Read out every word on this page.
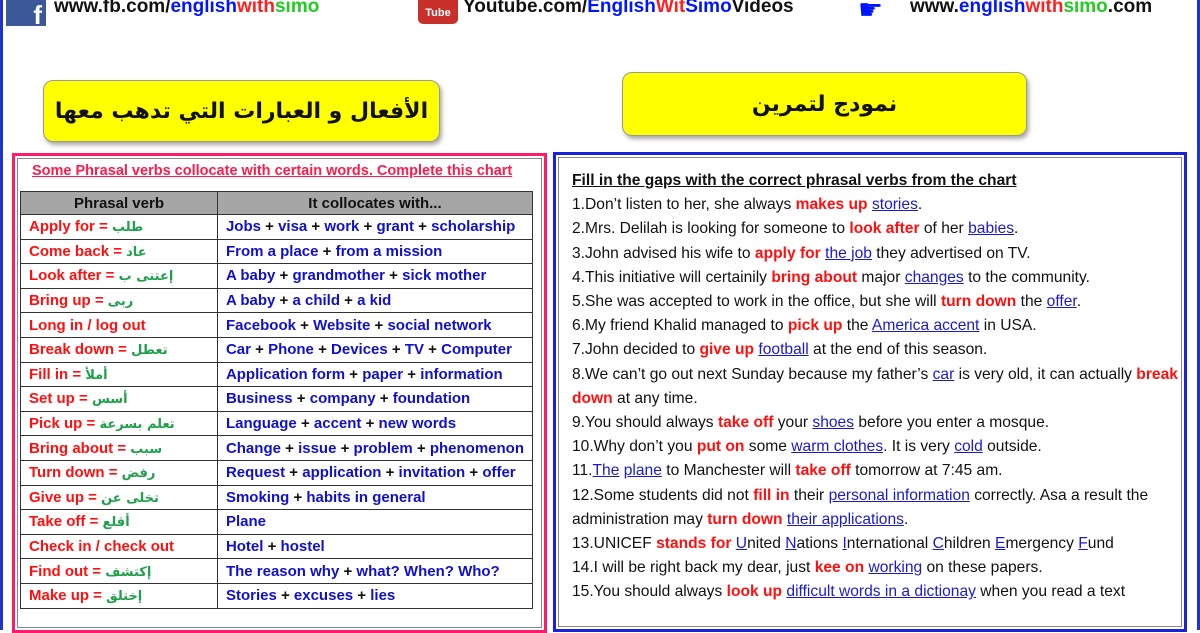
f www.fb.com/englishwithsimo	Tube Youtube.com/EnglishWitSimoVideos ☛	www.englishwithsimo.com
الأفعال و العبارات التي تدهب معها	نمودج لتمرين
Some Phrasal verbs collocate with certain words. Complete this chart
Phrasal verb	It collocates with...
Apply for = طلب	Jobs + visa + work + grant + scholarship
Come back = عاد	From a place + from a mission
Look after = إعتنى ب	A baby + grandmother + sick mother
Bring up = ربى	A baby + a child + a kid
Long in / log out	Facebook + Website + social network
Break down = تعطل	Car + Phone + Devices + TV + Computer
Fill in = أملأ	Application form + paper + information
Set up = أسس	Business + company + foundation
Pick up = تعلم بسرعة	Language + accent + new words
Bring about = سبب	Change + issue + problem + phenomenon
Turn down = رفض	Request + application + invitation + offer
Give up = تخلى عن	Smoking + habits in general
Take off = أقلع	Plane
Check in / check out	Hotel + hostel
Find out = إكتشف	The reason why + what? When? Who?
Make up = إختلق	Stories + excuses + lies
Fill in the gaps with the correct phrasal verbs from the chart
1.Don’t listen to her, she always makes up stories.
2.Mrs. Delilah is looking for someone to look after of her babies.
3.John advised his wife to apply for the job they advertised on TV.
4.This initiative will certainily bring about major changes to the community.
5.She was accepted to work in the office, but she will turn down the offer.
6.My friend Khalid managed to pick up the America accent in USA.
7.John decided to give up football at the end of this season.
8.We can’t go out next Sunday because my father’s car is very old, it can actually break down at any time.
9.You should always take off your shoes before you enter a mosque.
10.Why don’t you put on some warm clothes. It is very cold outside.
11.The plane to Manchester will take off tomorrow at 7:45 am.
12.Some students did not fill in their personal information correctly. Asa a result the administration may turn down their applications.
13.UNICEF stands for United Nations International Children Emergency Fund
14.I will be right back my dear, just kee on working on these papers.
15.You should always look up difficult words in a dictionay when you read a text
